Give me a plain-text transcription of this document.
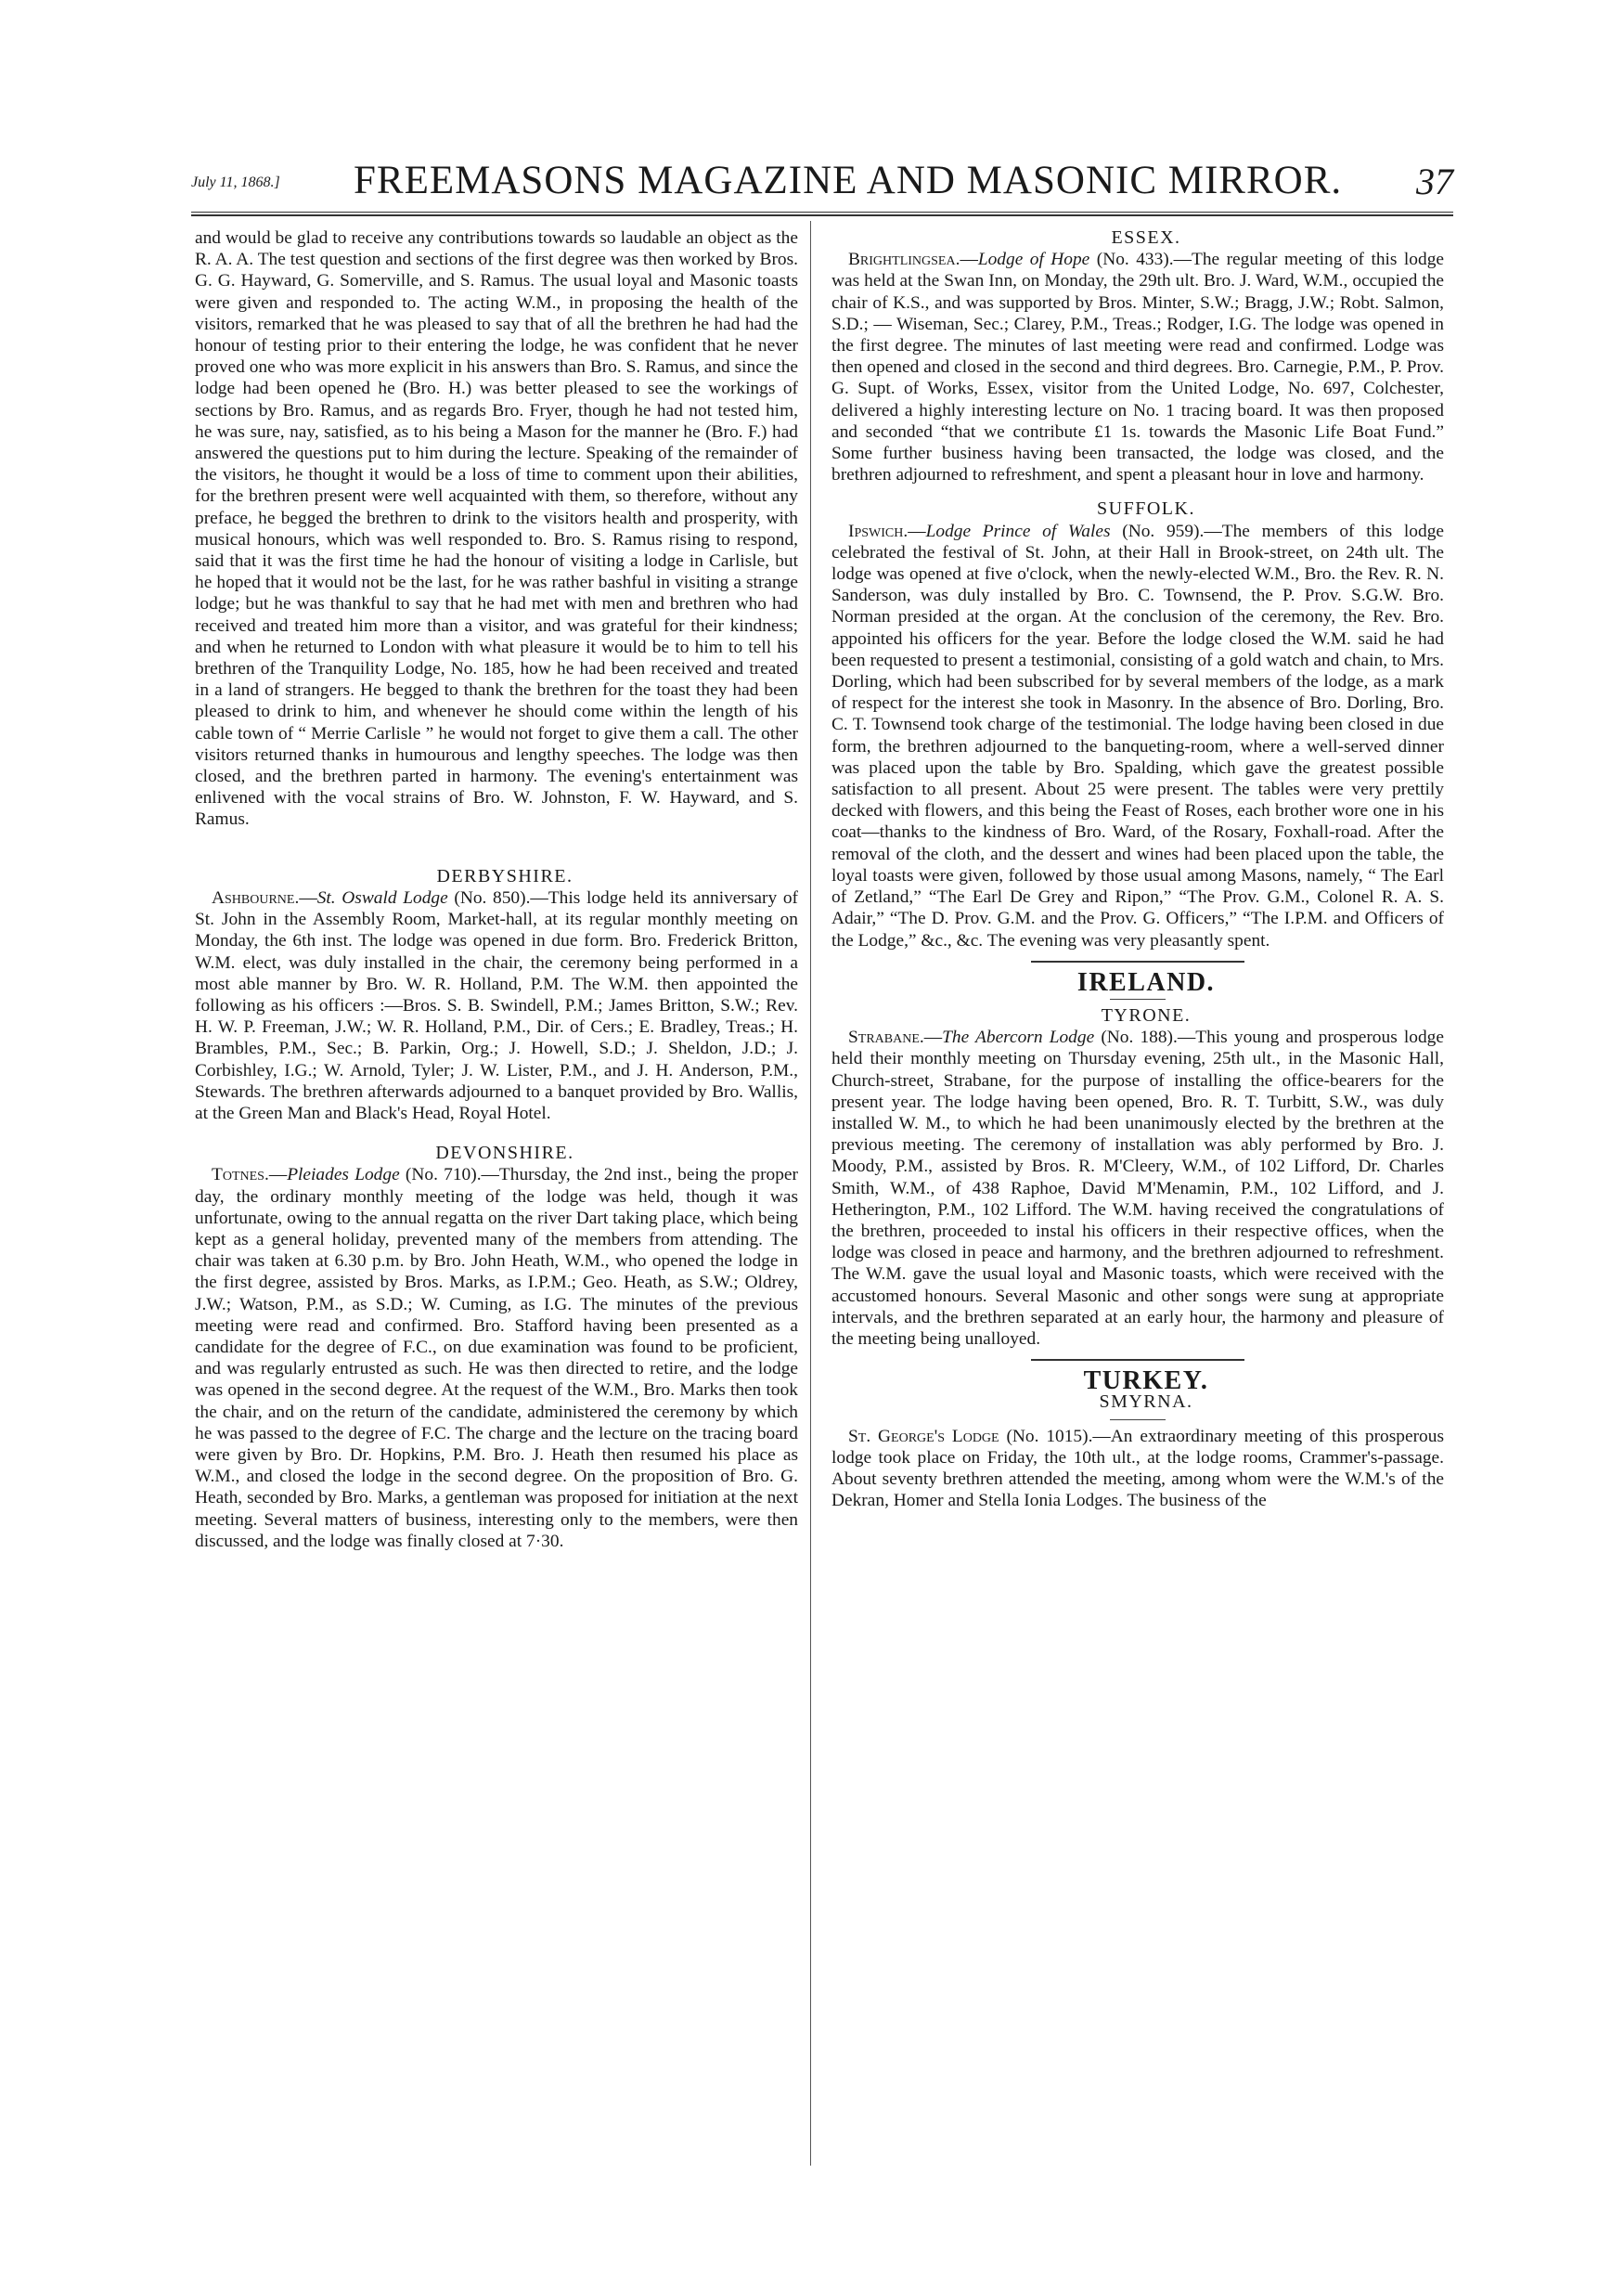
July 11, 1868.] FREEMASONS MAGAZINE AND MASONIC MIRROR. 37

and would be glad to receive any contributions towards so laudable an object as the R. A. A. The test question and sections of the first degree was then worked by Bros. G. G. Hayward, G. Somerville, and S. Ramus. The usual loyal and Masonic toasts were given and responded to. The acting W.M., in proposing the health of the visitors, remarked that he was pleased to say that of all the brethren he had had the honour of testing prior to their entering the lodge, he was confident that he never proved one who was more explicit in his answers than Bro. S. Ramus, and since the lodge had been opened he (Bro. H.) was better pleased to see the workings of sections by Bro. Ramus, and as regards Bro. Fryer, though he had not tested him, he was sure, nay, satisfied, as to his being a Mason for the manner he (Bro. F.) had answered the questions put to him during the lecture. Speaking of the remainder of the visitors, he thought it would be a loss of time to comment upon their abilities, for the brethren present were well acquainted with them, so therefore, without any preface, he begged the brethren to drink to the visitors health and prosperity, with musical honours, which was well responded to. Bro. S. Ramus rising to respond, said that it was the first time he had the honour of visiting a lodge in Carlisle, but he hoped that it would not be the last, for he was rather bashful in visiting a strange lodge; but he was thankful to say that he had met with men and brethren who had received and treated him more than a visitor, and was grateful for their kindness; and when he returned to London with what pleasure it would be to him to tell his brethren of the Tranquility Lodge, No. 185, how he had been received and treated in a land of strangers. He begged to thank the brethren for the toast they had been pleased to drink to him, and whenever he should come within the length of his cable town of “ Merrie Carlisle ” he would not forget to give them a call. The other visitors returned thanks in humourous and lengthy speeches. The lodge was then closed, and the brethren parted in harmony. The evening's entertainment was enlivened with the vocal strains of Bro. W. Johnston, F. W. Hayward, and S. Ramus.

DERBYSHIRE.

Ashbourne.—St. Oswald Lodge (No. 850).—This lodge held its anniversary of St. John in the Assembly Room, Market-hall, at its regular monthly meeting on Monday, the 6th inst. The lodge was opened in due form. Bro. Frederick Britton, W.M. elect, was duly installed in the chair, the ceremony being performed in a most able manner by Bro. W. R. Holland, P.M. The W.M. then appointed the following as his officers :—Bros. S. B. Swindell, P.M.; James Britton, S.W.; Rev. H. W. P. Freeman, J.W.; W. R. Holland, P.M., Dir. of Cers.; E. Bradley, Treas.; H. Brambles, P.M., Sec.; B. Parkin, Org.; J. Howell, S.D.; J. Sheldon, J.D.; J. Corbishley, I.G.; W. Arnold, Tyler; J. W. Lister, P.M., and J. H. Anderson, P.M., Stewards. The brethren afterwards adjourned to a banquet provided by Bro. Wallis, at the Green Man and Black's Head, Royal Hotel.

DEVONSHIRE.

Totnes.—Pleiades Lodge (No. 710).—Thursday, the 2nd inst., being the proper day, the ordinary monthly meeting of the lodge was held, though it was unfortunate, owing to the annual regatta on the river Dart taking place, which being kept as a general holiday, prevented many of the members from attending. The chair was taken at 6.30 p.m. by Bro. John Heath, W.M., who opened the lodge in the first degree, assisted by Bros. Marks, as I.P.M.; Geo. Heath, as S.W.; Oldrey, J.W.; Watson, P.M., as S.D.; W. Cuming, as I.G. The minutes of the previous meeting were read and confirmed. Bro. Stafford having been presented as a candidate for the degree of F.C., on due examination was found to be proficient, and was regularly entrusted as such. He was then directed to retire, and the lodge was opened in the second degree. At the request of the W.M., Bro. Marks then took the chair, and on the return of the candidate, administered the ceremony by which he was passed to the degree of F.C. The charge and the lecture on the tracing board were given by Bro. Dr. Hopkins, P.M. Bro. J. Heath then resumed his place as W.M., and closed the lodge in the second degree. On the proposition of Bro. G. Heath, seconded by Bro. Marks, a gentleman was proposed for initiation at the next meeting. Several matters of business, interesting only to the members, were then discussed, and the lodge was finally closed at 7·30.

ESSEX.

Brightlingsea.—Lodge of Hope (No. 433).—The regular meeting of this lodge was held at the Swan Inn, on Monday, the 29th ult. Bro. J. Ward, W.M., occupied the chair of K.S., and was supported by Bros. Minter, S.W.; Bragg, J.W.; Robt. Salmon, S.D.; — Wiseman, Sec.; Clarey, P.M., Treas.; Rodger, I.G. The lodge was opened in the first degree. The minutes of last meeting were read and confirmed. Lodge was then opened and closed in the second and third degrees. Bro. Carnegie, P.M., P. Prov. G. Supt. of Works, Essex, visitor from the United Lodge, No. 697, Colchester, delivered a highly interesting lecture on No. 1 tracing board. It was then proposed and seconded “that we contribute £1 1s. towards the Masonic Life Boat Fund.” Some further business having been transacted, the lodge was closed, and the brethren adjourned to refreshment, and spent a pleasant hour in love and harmony.

SUFFOLK.

Ipswich.—Lodge Prince of Wales (No. 959).—The members of this lodge celebrated the festival of St. John, at their Hall in Brook-street, on 24th ult. The lodge was opened at five o'clock, when the newly-elected W.M., Bro. the Rev. R. N. Sanderson, was duly installed by Bro. C. Townsend, the P. Prov. S.G.W. Bro. Norman presided at the organ. At the conclusion of the ceremony, the Rev. Bro. appointed his officers for the year. Before the lodge closed the W.M. said he had been requested to present a testimonial, consisting of a gold watch and chain, to Mrs. Dorling, which had been subscribed for by several members of the lodge, as a mark of respect for the interest she took in Masonry. In the absence of Bro. Dorling, Bro. C. T. Townsend took charge of the testimonial. The lodge having been closed in due form, the brethren adjourned to the banqueting-room, where a well-served dinner was placed upon the table by Bro. Spalding, which gave the greatest possible satisfaction to all present. About 25 were present. The tables were very prettily decked with flowers, and this being the Feast of Roses, each brother wore one in his coat—thanks to the kindness of Bro. Ward, of the Rosary, Foxhall-road. After the removal of the cloth, and the dessert and wines had been placed upon the table, the loyal toasts were given, followed by those usual among Masons, namely, “ The Earl of Zetland,” “The Earl De Grey and Ripon,” “The Prov. G.M., Colonel R. A. S. Adair,” “The D. Prov. G.M. and the Prov. G. Officers,” “The I.P.M. and Officers of the Lodge,” &c., &c. The evening was very pleasantly spent.

IRELAND.

TYRONE.

Strabane.—The Abercorn Lodge (No. 188).—This young and prosperous lodge held their monthly meeting on Thursday evening, 25th ult., in the Masonic Hall, Church-street, Strabane, for the purpose of installing the office-bearers for the present year. The lodge having been opened, Bro. R. T. Turbitt, S.W., was duly installed W. M., to which he had been unanimously elected by the brethren at the previous meeting. The ceremony of installation was ably performed by Bro. J. Moody, P.M., assisted by Bros. R. M'Cleery, W.M., of 102 Lifford, Dr. Charles Smith, W.M., of 438 Raphoe, David M'Menamin, P.M., 102 Lifford, and J. Hetherington, P.M., 102 Lifford. The W.M. having received the congratulations of the brethren, proceeded to instal his officers in their respective offices, when the lodge was closed in peace and harmony, and the brethren adjourned to refreshment. The W.M. gave the usual loyal and Masonic toasts, which were received with the accustomed honours. Several Masonic and other songs were sung at appropriate intervals, and the brethren separated at an early hour, the harmony and pleasure of the meeting being unalloyed.

TURKEY.

SMYRNA.

St. George's Lodge (No. 1015).—An extraordinary meeting of this prosperous lodge took place on Friday, the 10th ult., at the lodge rooms, Crammer's-passage. About seventy brethren attended the meeting, among whom were the W.M.'s of the Dekran, Homer and Stella Ionia Lodges. The business of the
